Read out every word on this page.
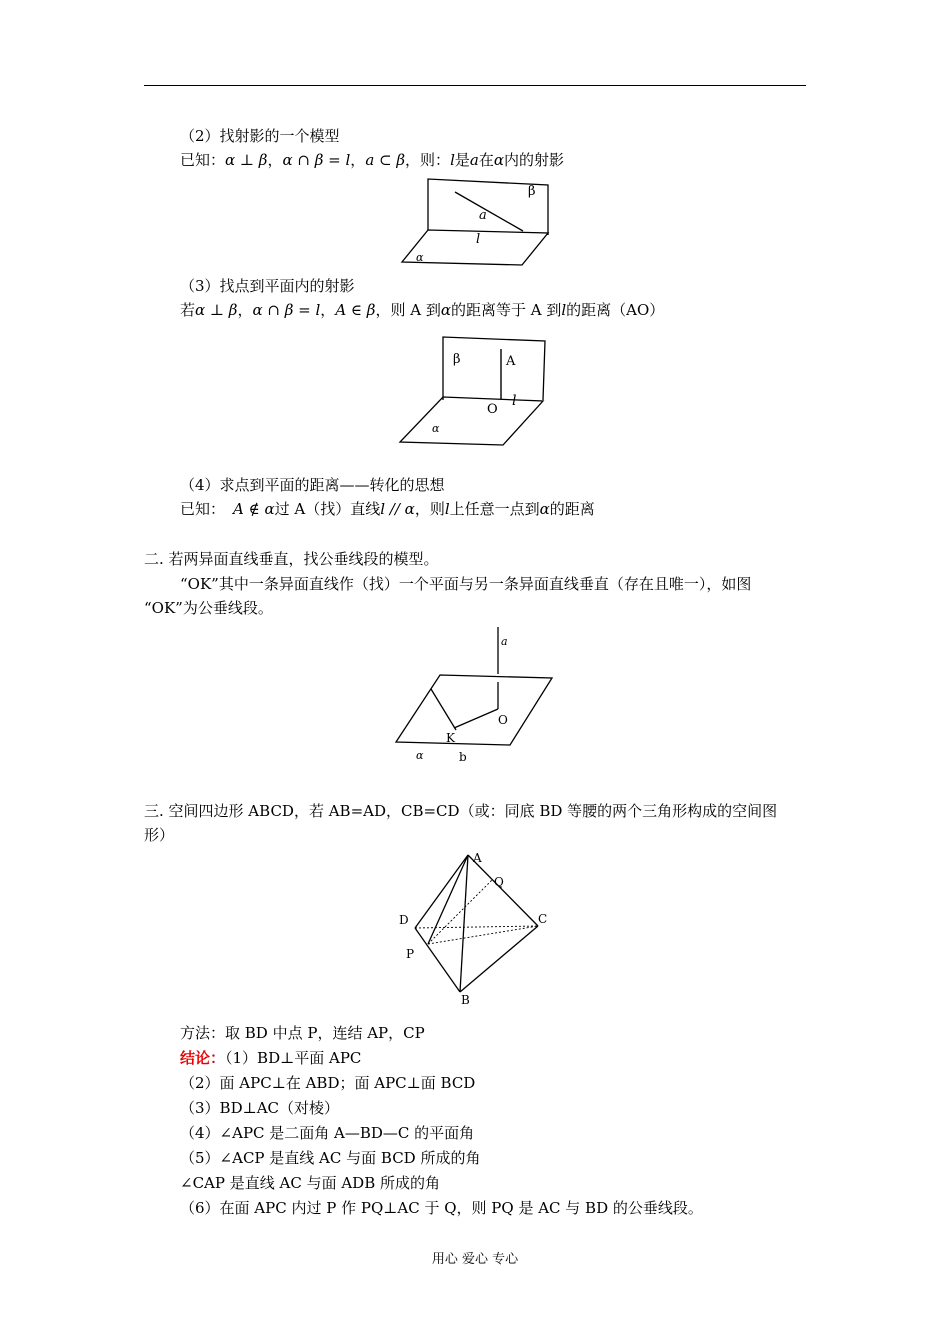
（2）找射影的一个模型
已知：α ⊥ β，α ∩ β = l，a ⊂ β，则：l是a在α内的射影
β
a
l
α
（3）找点到平面内的射影
若α ⊥ β，α ∩ β = l，A ∈ β，则 A 到α的距离等于 A 到l的距离（AO）
β	A
O
l
α
（4）求点到平面的距离——转化的思想
已知： A ∉ α过 A（找）直线l // α，则l上任意一点到α的距离
二. 若两异面直线垂直，找公垂线段的模型。
“OK”其中一条异面直线作（找）一个平面与另一条异面直线垂直（存在且唯一），如图
“OK”为公垂线段。
a
O
K
α	b
三. 空间四边形 ABCD，若 AB=AD，CB=CD（或：同底 BD 等腰的两个三角形构成的空间图
形）
A
Q
D	C
P
B
方法：取 BD 中点 P，连结 AP，CP
结论：（1）BD⊥平面 APC
（2）面 APC⊥在 ABD；面 APC⊥面 BCD
（3）BD⊥AC（对棱）
（4）∠APC 是二面角 A—BD—C 的平面角
（5）∠ACP 是直线 AC 与面 BCD 所成的角
∠CAP 是直线 AC 与面 ADB 所成的角
（6）在面 APC 内过 P 作 PQ⊥AC 于 Q，则 PQ 是 AC 与 BD 的公垂线段。
用心 爱心 专心
